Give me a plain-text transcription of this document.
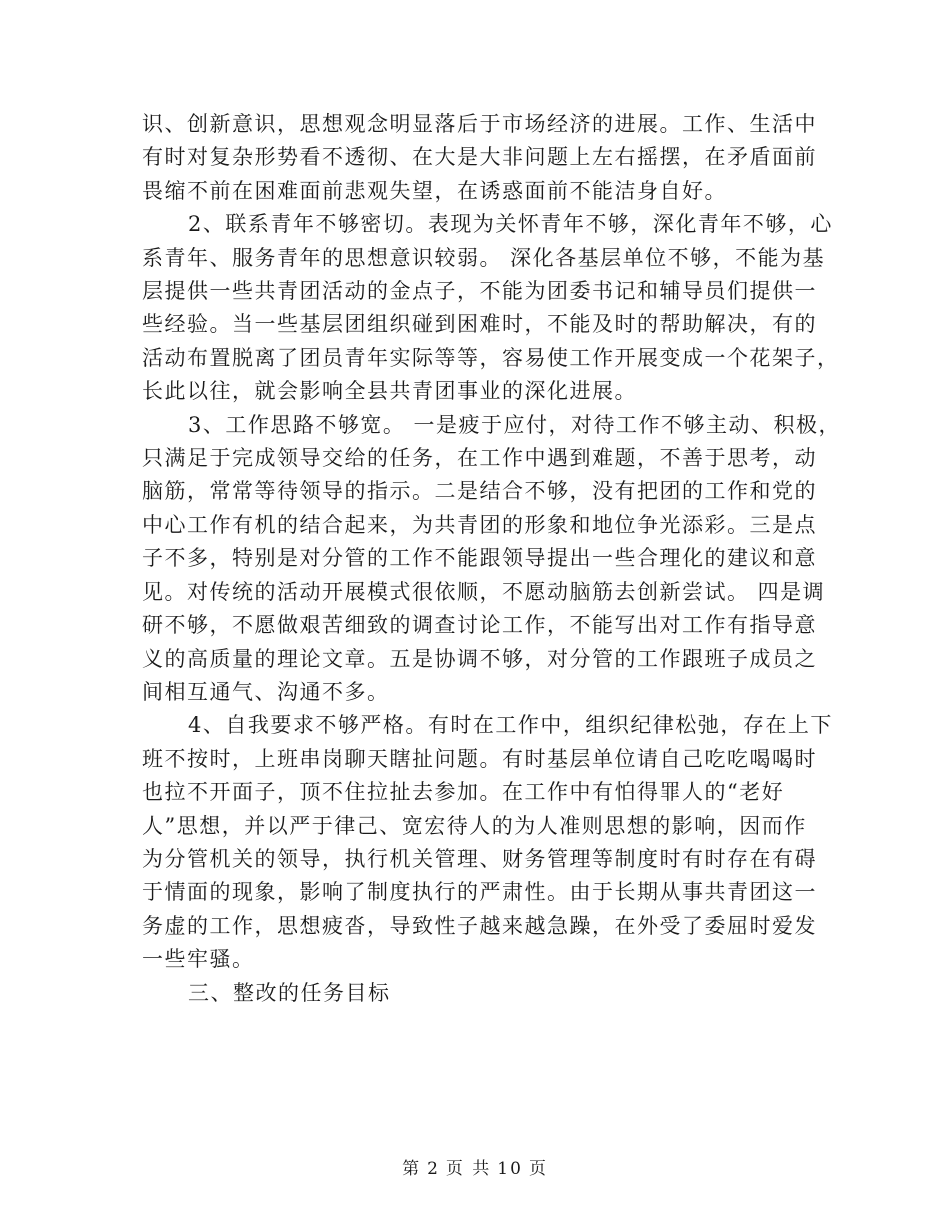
识、创新意识，思想观念明显落后于市场经济的进展。工作、生活中
有时对复杂形势看不透彻、在大是大非问题上左右摇摆，在矛盾面前
畏缩不前在困难面前悲观失望，在诱惑面前不能洁身自好。

2、联系青年不够密切。表现为关怀青年不够，深化青年不够，心
系青年、服务青年的思想意识较弱。 深化各基层单位不够，不能为基
层提供一些共青团活动的金点子，不能为团委书记和辅导员们提供一
些经验。当一些基层团组织碰到困难时，不能及时的帮助解决，有的
活动布置脱离了团员青年实际等等，容易使工作开展变成一个花架子，
长此以往，就会影响全县共青团事业的深化进展。

3、工作思路不够宽。 一是疲于应付，对待工作不够主动、积极，
只满足于完成领导交给的任务，在工作中遇到难题，不善于思考，动
脑筋，常常等待领导的指示。二是结合不够，没有把团的工作和党的
中心工作有机的结合起来，为共青团的形象和地位争光添彩。三是点
子不多，特别是对分管的工作不能跟领导提出一些合理化的建议和意
见。对传统的活动开展模式很依顺，不愿动脑筋去创新尝试。 四是调
研不够，不愿做艰苦细致的调查讨论工作，不能写出对工作有指导意
义的高质量的理论文章。五是协调不够，对分管的工作跟班子成员之
间相互通气、沟通不多。

4、自我要求不够严格。有时在工作中，组织纪律松弛，存在上下
班不按时，上班串岗聊天瞎扯问题。有时基层单位请自己吃吃喝喝时
也拉不开面子，顶不住拉扯去参加。在工作中有怕得罪人的“老好
人”思想，并以严于律己、宽宏待人的为人准则思想的影响，因而作
为分管机关的领导，执行机关管理、财务管理等制度时有时存在有碍
于情面的现象，影响了制度执行的严肃性。由于长期从事共青团这一
务虚的工作，思想疲沓，导致性子越来越急躁，在外受了委屈时爱发
一些牢骚。

三、整改的任务目标

第 2 页 共 10 页
